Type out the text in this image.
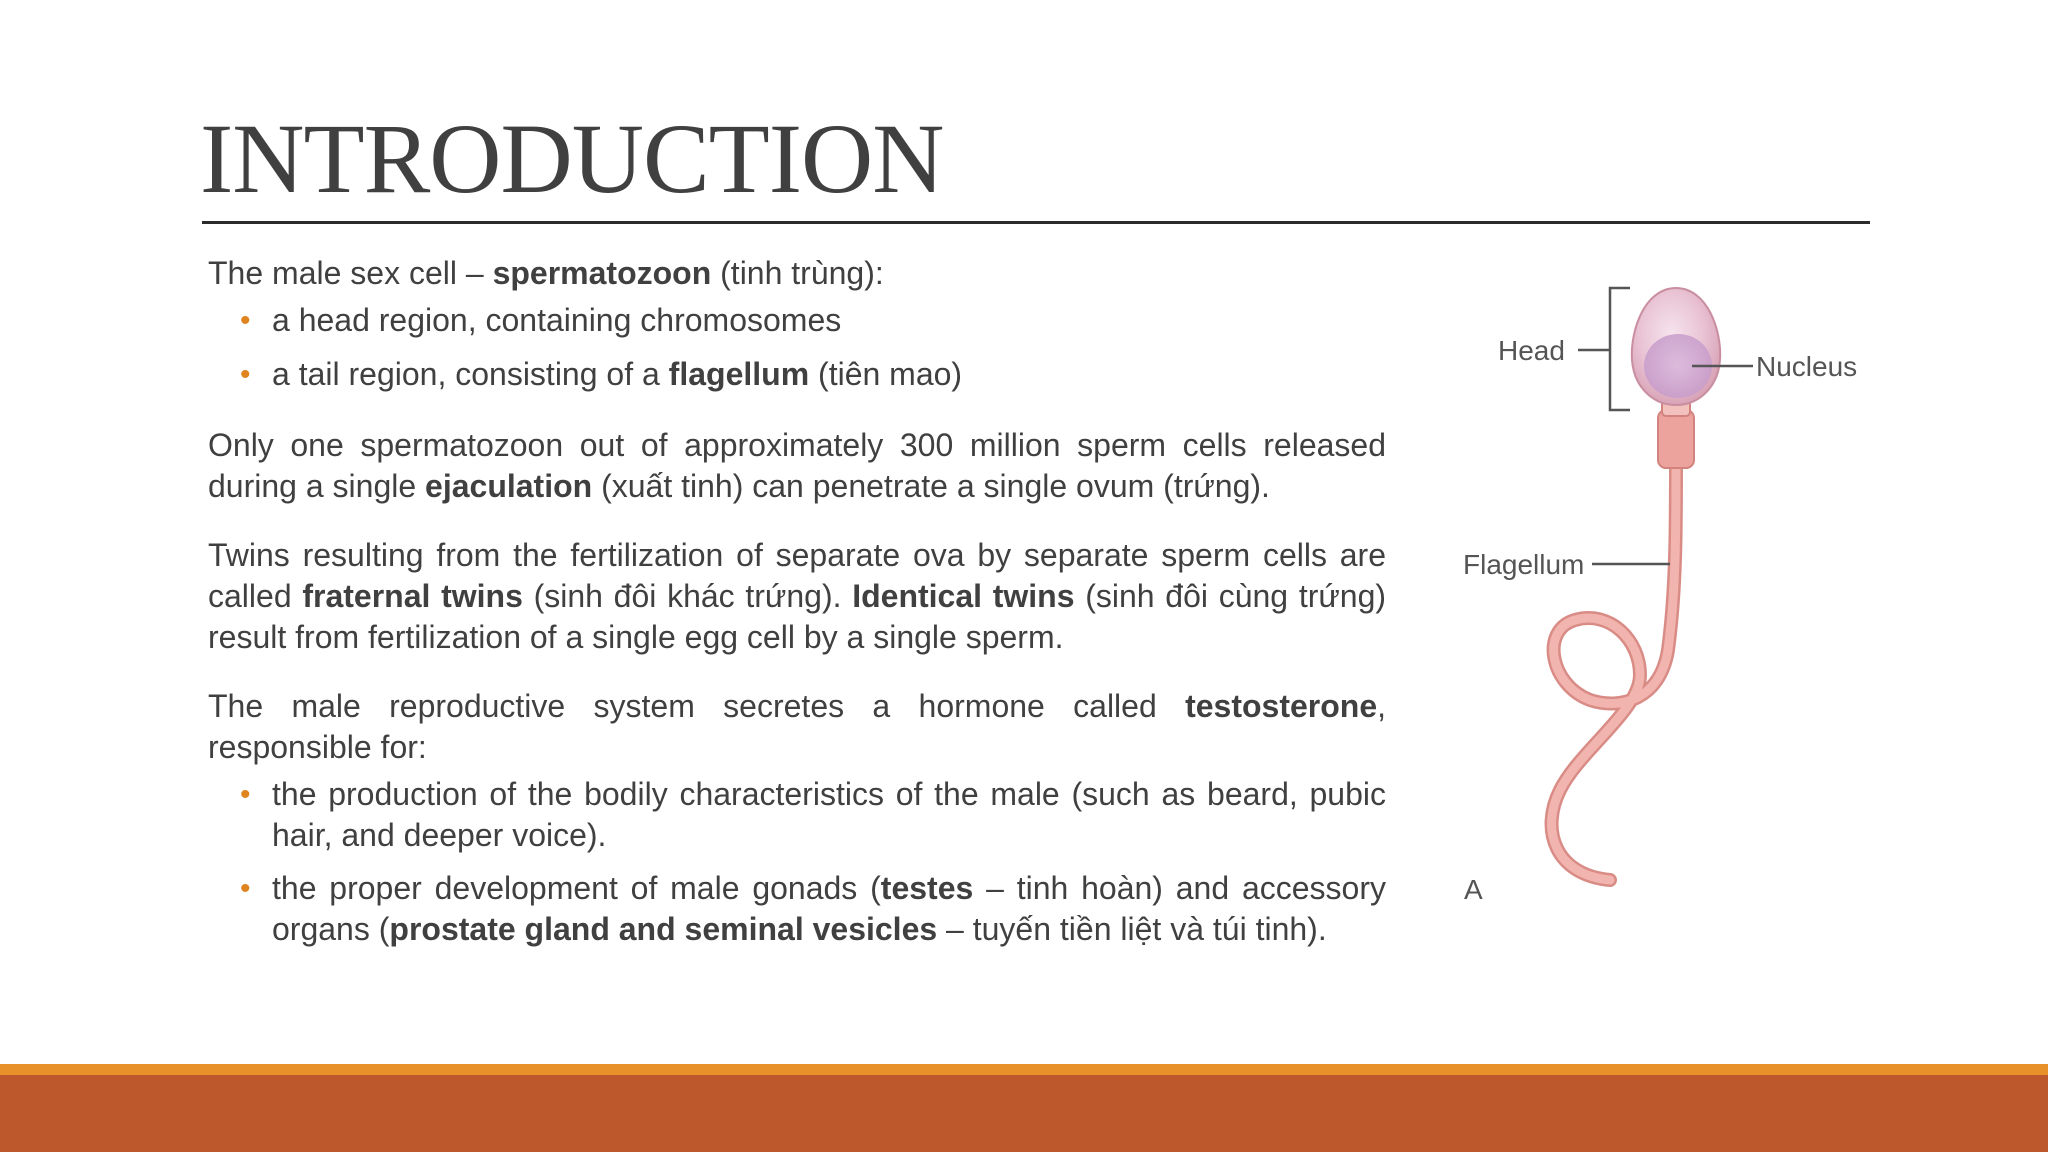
INTRODUCTION

The male sex cell – spermatozoon (tinh trùng):

• a head region, containing chromosomes
• a tail region, consisting of a flagellum (tiên mao)

Only one spermatozoon out of approximately 300 million sperm cells released during a single ejaculation (xuất tinh) can penetrate a single ovum (trứng).

Twins resulting from the fertilization of separate ova by separate sperm cells are called fraternal twins (sinh đôi khác trứng). Identical twins (sinh đôi cùng trứng) result from fertilization of a single egg cell by a single sperm.

The male reproductive system secretes a hormone called testosterone, responsible for:

• the production of the bodily characteristics of the male (such as beard, pubic hair, and deeper voice).
• the proper development of male gonads (testes – tinh hoàn) and accessory organs (prostate gland and seminal vesicles – tuyến tiền liệt và túi tinh).
Head
Nucleus
Flagellum
A
